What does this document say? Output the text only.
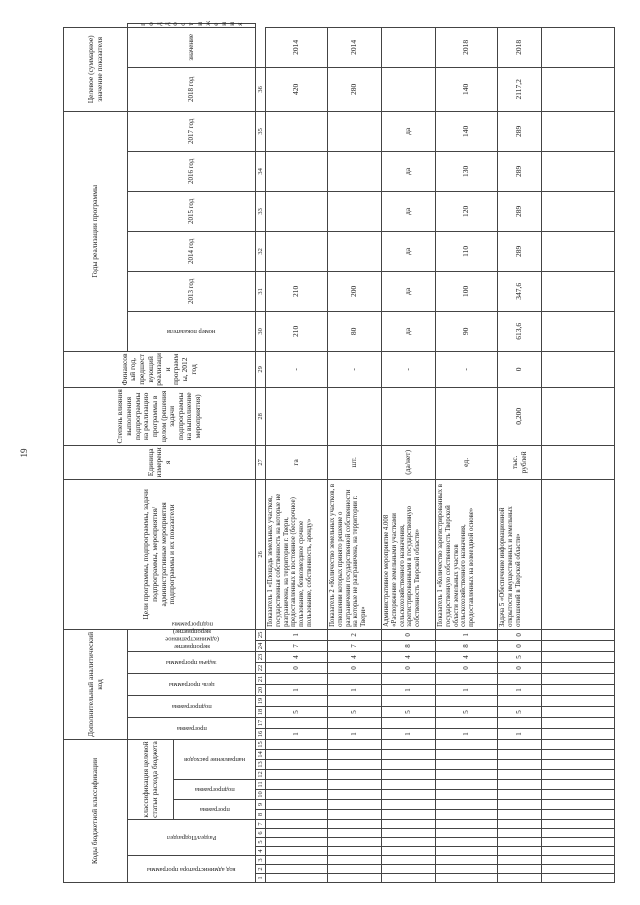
19
Коды бюджетной классификации															Дополнительный аналитический код										Цели программы, подпрограммы, задачи подпрограммы, мероприятия/административные мероприятия подпрограммы и их показатели	Единица измерения	Степень влияния выполнения подпрограммы на реализацию программы в целом (решения задачи подпрограммы на выполнение мероприятия)	Финансовый год, предшествующий реализации программы, 2012 год	Годы реализации программы						Целевое (суммарное) значение показателя		

код администратора программы			Раздел/Подраздел				классификация целевой статьи расхода бюджета								программа		подпрограмма		цель программы		задача программы		мероприятие (административное мероприятие) подпрограммы						номер показателя	2013 год	2014 год	2015 год	2016 год	2017 год	2018 год	значение	год достижения

							программа		подпрограмма		направление расходов																										

1	2	3	4	5	6	7	8	9	10	11	12	13	14	15	16	17	18	19	20	21	22	23	24	25	26	27	28	29	30	31	32	33	34	35	36		
															1		5		1		0	4	7	1	Показатель 1 «Площадь земельных участков, государственная собственность на которые не разграничена, на территории г. Твери, предоставленных в постоянное (бессрочное) пользование, безвозмездное срочное пользование, собственность, аренду»	га		-	210	210					420	2014	
															1		5		1		0	4	7	2	Показатель 2 «Количество земельных участков, в отношении которых принято решение о разграничении государственной собственности на которые не разграничена, на территории г. Твери»	шт.		-	80	200					280	2014	
															1		5		1		0	4	8	0	Административное мероприятие 4.008 «Распоряжение земельными участками сельскохозяйственного назначения, зарегистрированными в государственную собственность Тверской области»	(да/нет)		-	да	да	да	да	да	да			
															1		5		1		0	4	8	1	Показатель 1 «Количество зарегистрированных в государственную собственность Тверской области земельных участков сельскохозяйственного назначения, предоставленных на возмездной основе»	ед.		-	90	100	110	120	130	140	140	2018	
															1		5		1		0	5	0	0	Задача 5 «Обеспечение информационной открытости имущественных и земельных отношений в Тверской области»	тыс. рублей	0,200	0	613,6	347,6	289	289	289	289	2117,2	2018	
